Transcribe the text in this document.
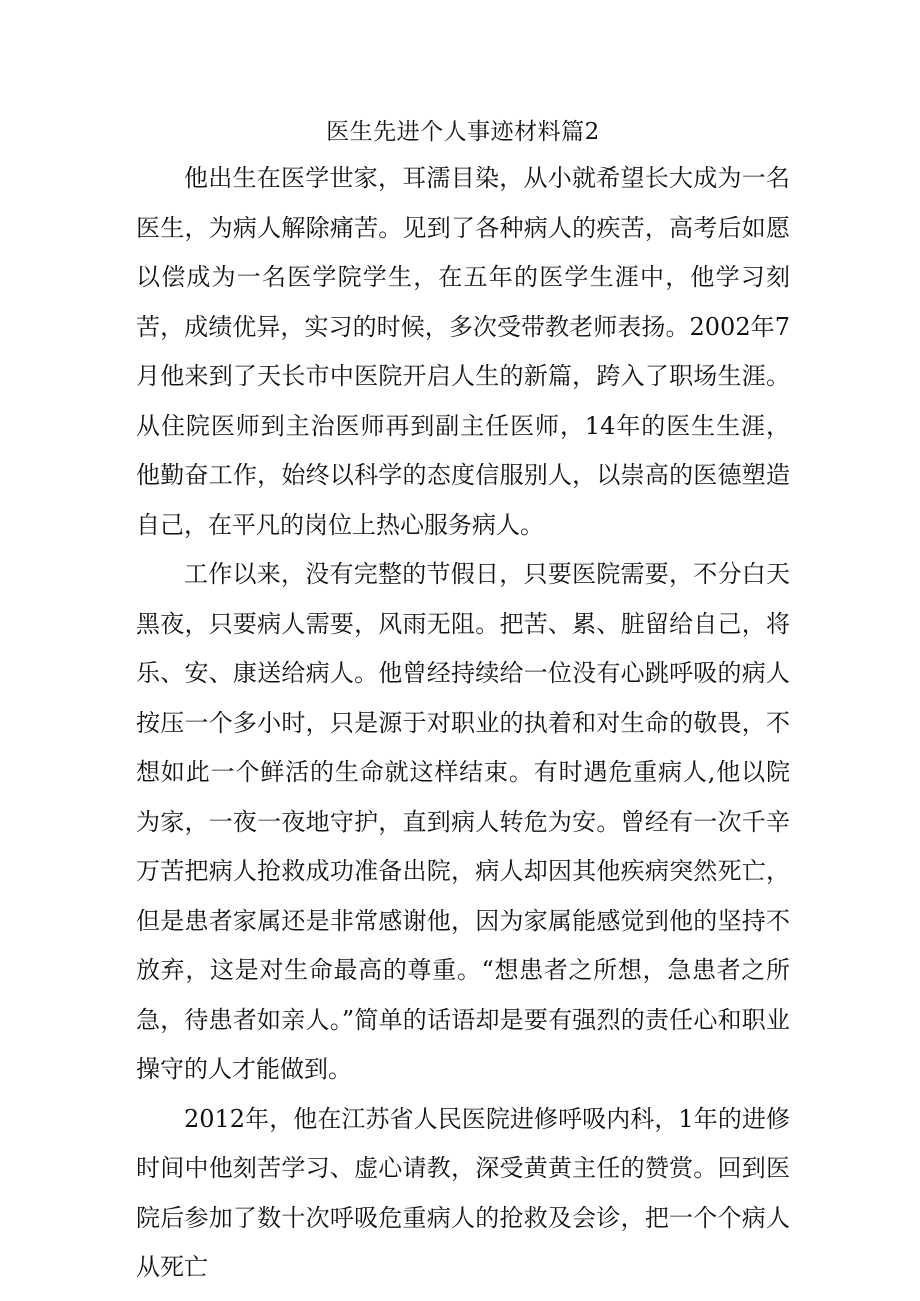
医生先进个人事迹材料篇2

他出生在医学世家，耳濡目染，从小就希望长大成为一名医生，为病人解除痛苦。见到了各种病人的疾苦，高考后如愿以偿成为一名医学院学生，在五年的医学生涯中，他学习刻苦，成绩优异，实习的时候，多次受带教老师表扬。2002年7月他来到了天长市中医院开启人生的新篇，跨入了职场生涯。从住院医师到主治医师再到副主任医师，14年的医生生涯，他勤奋工作，始终以科学的态度信服别人，以崇高的医德塑造自己，在平凡的岗位上热心服务病人。

工作以来，没有完整的节假日，只要医院需要，不分白天黑夜，只要病人需要，风雨无阻。把苦、累、脏留给自己，将乐、安、康送给病人。他曾经持续给一位没有心跳呼吸的病人按压一个多小时，只是源于对职业的执着和对生命的敬畏，不想如此一个鲜活的生命就这样结束。有时遇危重病人,他以院为家，一夜一夜地守护，直到病人转危为安。曾经有一次千辛万苦把病人抢救成功准备出院，病人却因其他疾病突然死亡，但是患者家属还是非常感谢他，因为家属能感觉到他的坚持不放弃，这是对生命最高的尊重。“想患者之所想，急患者之所急，待患者如亲人。”简单的话语却是要有强烈的责任心和职业操守的人才能做到。

2012年，他在江苏省人民医院进修呼吸内科，1年的进修时间中他刻苦学习、虚心请教，深受黄黄主任的赞赏。回到医院后参加了数十次呼吸危重病人的抢救及会诊，把一个个病人从死亡
